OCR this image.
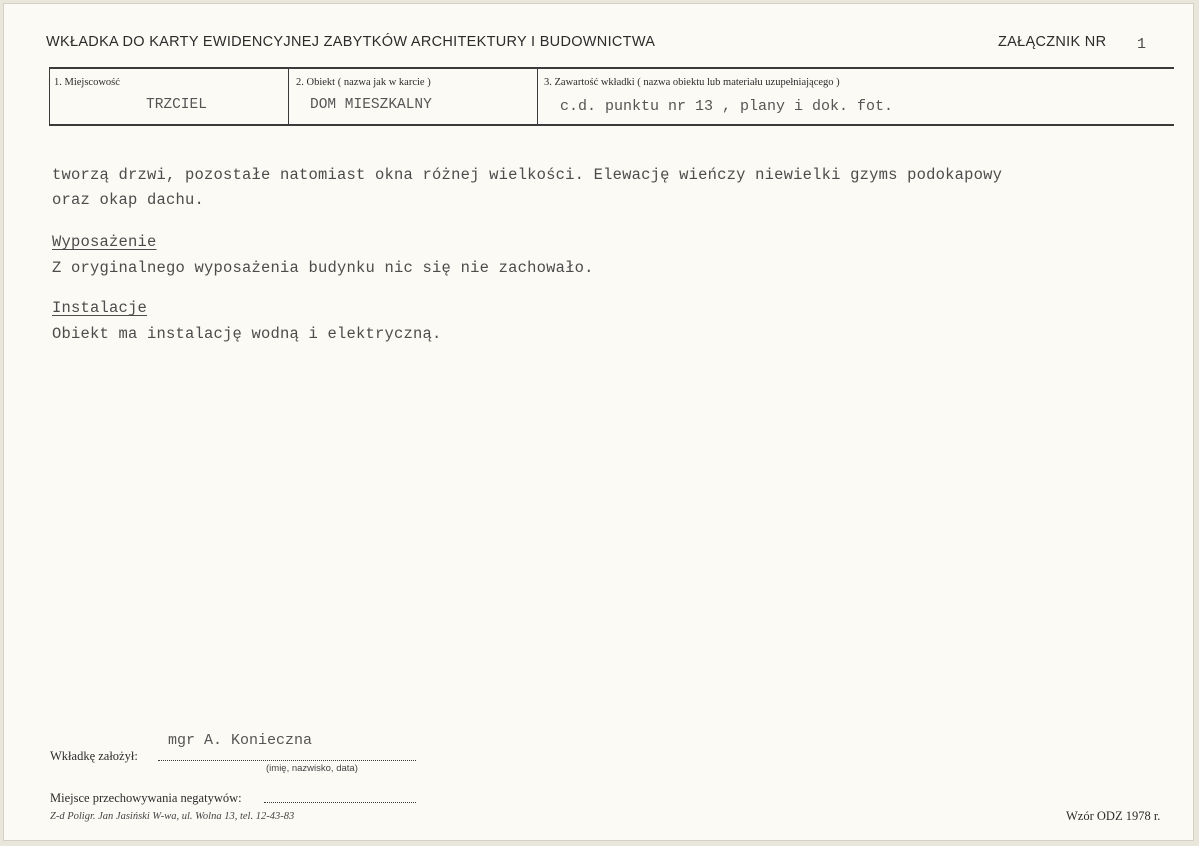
WKŁADKA DO KARTY EWIDENCYJNEJ ZABYTKÓW ARCHITEKTURY I BUDOWNICTWA	ZAŁĄCZNIK NR 1
1. Miejscowość
TRZCIEL
2. Obiekt ( nazwa jak w karcie )
DOM MIESZKALNY
3. Zawartość wkładki ( nazwa obiektu lub materiału uzupełniającego )
c.d. punktu nr 13 , plany i dok. fot.
tworzą drzwi, pozostałe natomiast okna różnej wielkości. Elewację wieńczy niewielki gzyms podokapowy
oraz okap dachu.
Wyposażenie
Z oryginalnego wyposażenia budynku nic się nie zachowało.
Instalacje
Obiekt ma instalację wodną i elektryczną.
mgr A. Konieczna
Wkładkę założył:
(imię, nazwisko, data)
Miejsce przechowywania negatywów:
Z-d Poligr. Jan Jasiński W-wa, ul. Wolna 13, tel. 12-43-83	Wzór ODZ 1978 r.
